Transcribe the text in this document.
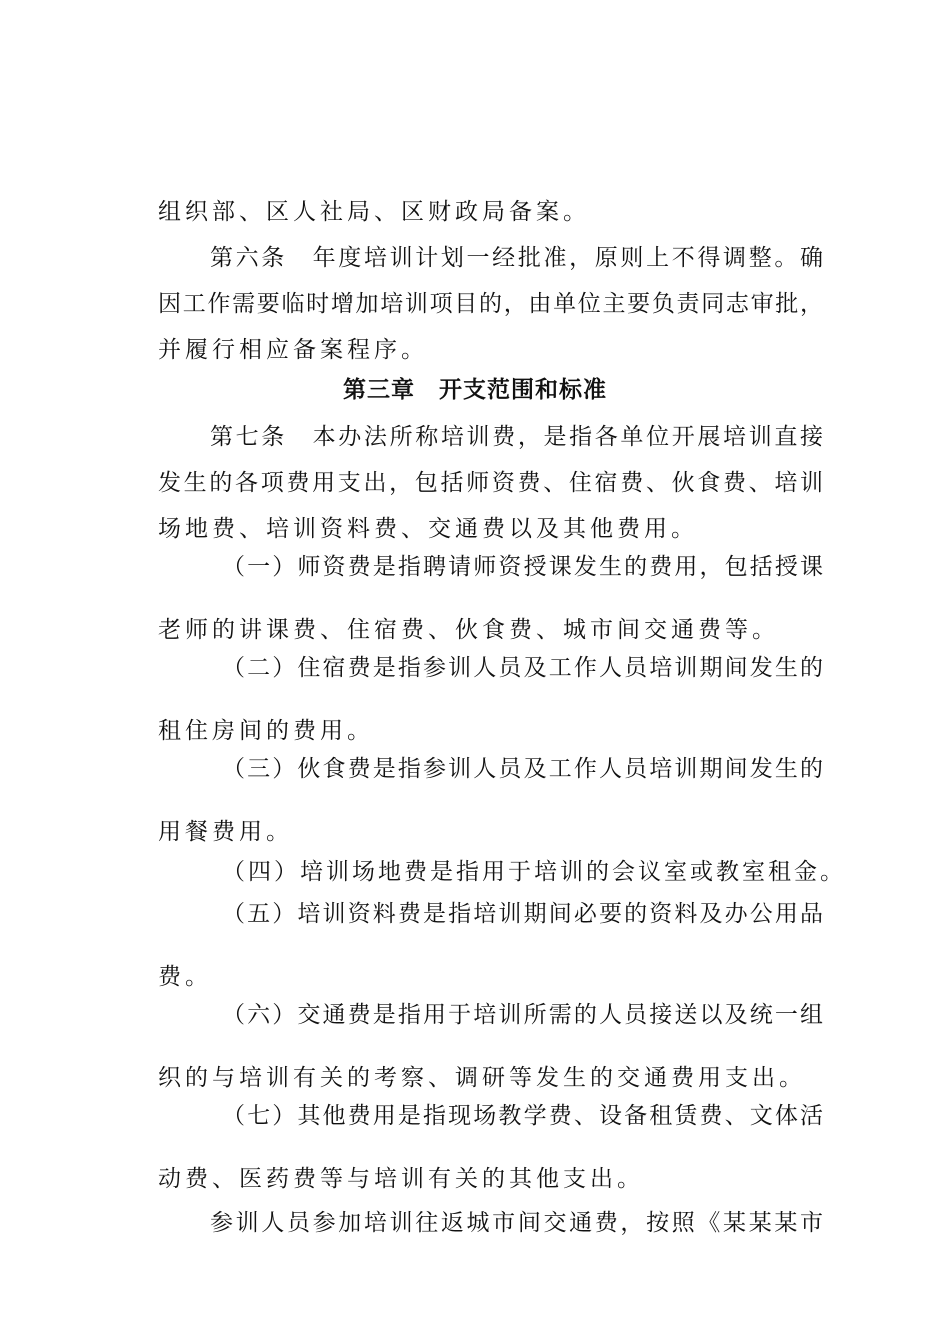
组织部、区人社局、区财政局备案。
第六条　年度培训计划一经批准，原则上不得调整。确
因工作需要临时增加培训项目的，由单位主要负责同志审批，
并履行相应备案程序。
第三章　开支范围和标准
第七条　本办法所称培训费，是指各单位开展培训直接
发生的各项费用支出，包括师资费、住宿费、伙食费、培训
场地费、培训资料费、交通费以及其他费用。
（一）师资费是指聘请师资授课发生的费用，包括授课
老师的讲课费、住宿费、伙食费、城市间交通费等。
（二）住宿费是指参训人员及工作人员培训期间发生的
租住房间的费用。
（三）伙食费是指参训人员及工作人员培训期间发生的
用餐费用。
（四）培训场地费是指用于培训的会议室或教室租金。
（五）培训资料费是指培训期间必要的资料及办公用品
费。
（六）交通费是指用于培训所需的人员接送以及统一组
织的与培训有关的考察、调研等发生的交通费用支出。
（七）其他费用是指现场教学费、设备租赁费、文体活
动费、医药费等与培训有关的其他支出。
参训人员参加培训往返城市间交通费，按照《某某某市
